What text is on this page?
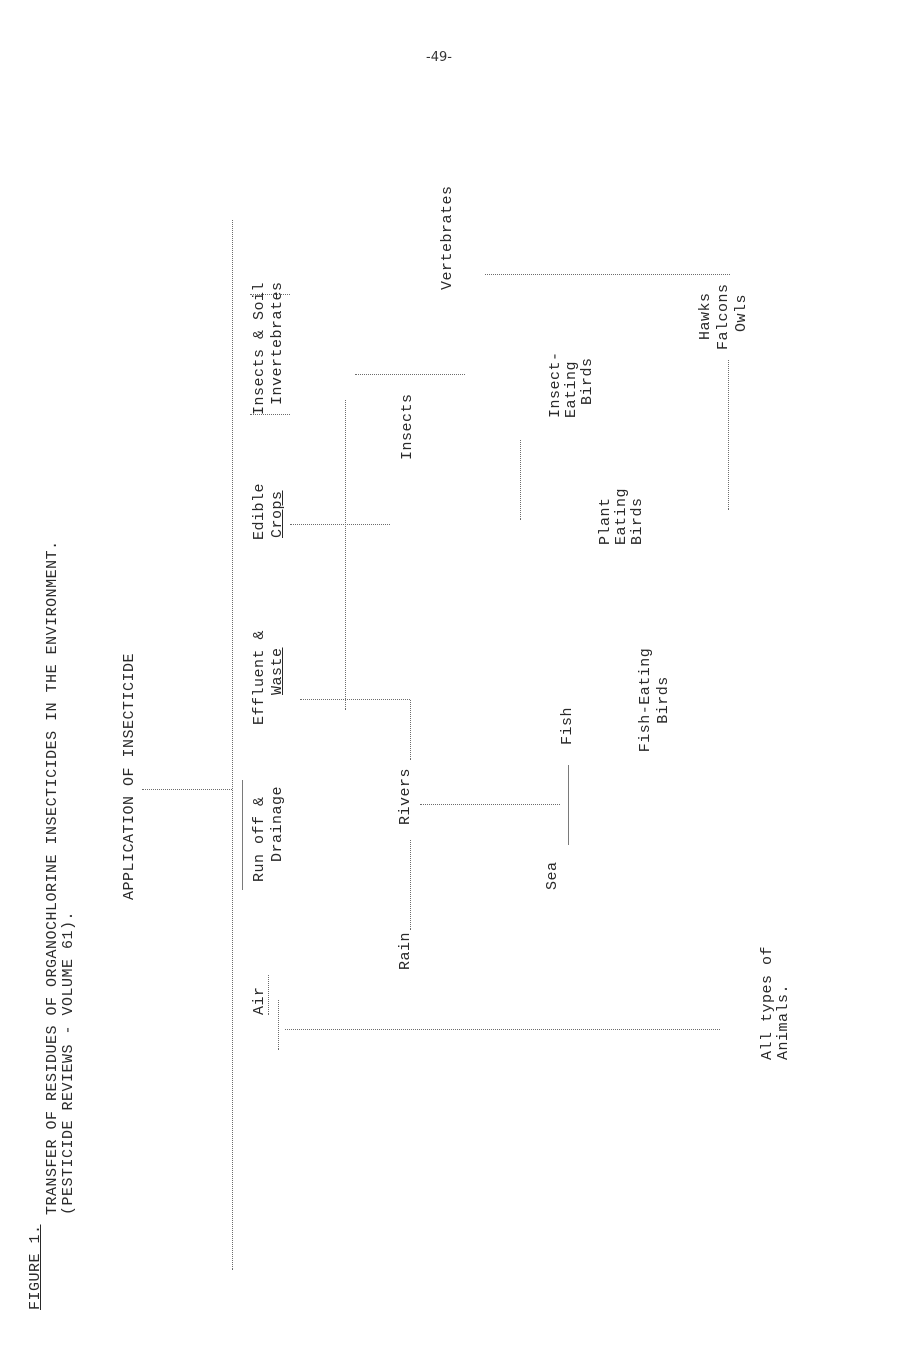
-49-
FIGURE 1.
TRANSFER OF RESIDUES OF ORGANOCHLORINE INSECTICIDES IN THE ENVIRONMENT. (PESTICIDE REVIEWS - VOLUME 61).
APPLICATION OF INSECTICIDE
Air
Run off & Drainage
Effluent & Waste
Edible Crops
Insects & Soil Invertebrates
Rain
Rivers
Insects
Vertebrates
Sea
Fish	Fish-Eating Birds
Plant Eating Birds
Insect- Eating Birds
Hawks Falcons Owls
All types of Animals.
